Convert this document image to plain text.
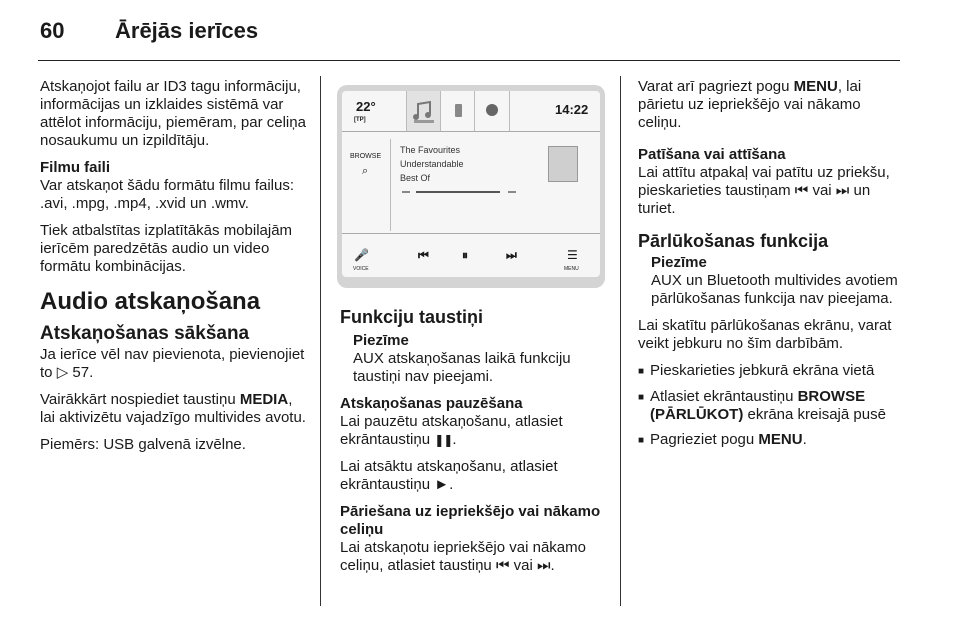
60 Ārējās ierīces

Atskaņojot failu ar ID3 tagu informāciju, informācijas un izklaides sistēmā var attēlot informāciju, piemēram, par celiņa nosaukumu un izpildītāju.

Filmu faili
Var atskaņot šādu formātu filmu failus: .avi, .mpg, .mp4, .xvid un .wmv.

Tiek atbalstītas izplatītākās mobilajām ierīcēm paredzētās audio un video formātu kombinācijas.

Audio atskaņošana
Atskaņošanas sākšana

Ja ierīce vēl nav pievienota, pievienojiet to ▷ 57.

Vairākkārt nospiediet taustiņu MEDIA, lai aktivizētu vajadzīgo multivides avotu.

Piemērs: USB galvenā izvēlne.

22°
[TP]
14:22
BROWSE
⌕
The Favourites
Understandable
Best Of
🎤
VOICE
⏮	⏸	⏭	☰
MENU
Funkciju taustiņi
Piezīme
AUX atskaņošanas laikā funkciju taustiņi nav pieejami.
Atskaņošanas pauzēšana

Lai pauzētu atskaņošanu, atlasiet ekrāntaustiņu ❚❚.

Lai atsāktu atskaņošanu, atlasiet ekrāntaustiņu ►.

Pāriešana uz iepriekšējo vai nākamo celiņu

Lai atskaņotu iepriekšējo vai nākamo celiņu, atlasiet taustiņu ⏮ vai ⏭.

Varat arī pagriezt pogu MENU, lai pārietu uz iepriekšējo vai nākamo celiņu.

Patīšana vai attīšana

Lai attītu atpakaļ vai patītu uz priekšu, pieskarieties taustiņam ⏮ vai ⏭ un turiet.

Pārlūkošanas funkcija
Piezīme
AUX un Bluetooth multivides avotiem pārlūkošanas funkcija nav pieejama.

Lai skatītu pārlūkošanas ekrānu, varat veikt jebkuru no šīm darbībām.

■ Pieskarieties jebkurā ekrāna vietā
■ Atlasiet ekrāntaustiņu BROWSE (PĀRLŪKOT) ekrāna kreisajā pusē
■ Pagrieziet pogu MENU.
